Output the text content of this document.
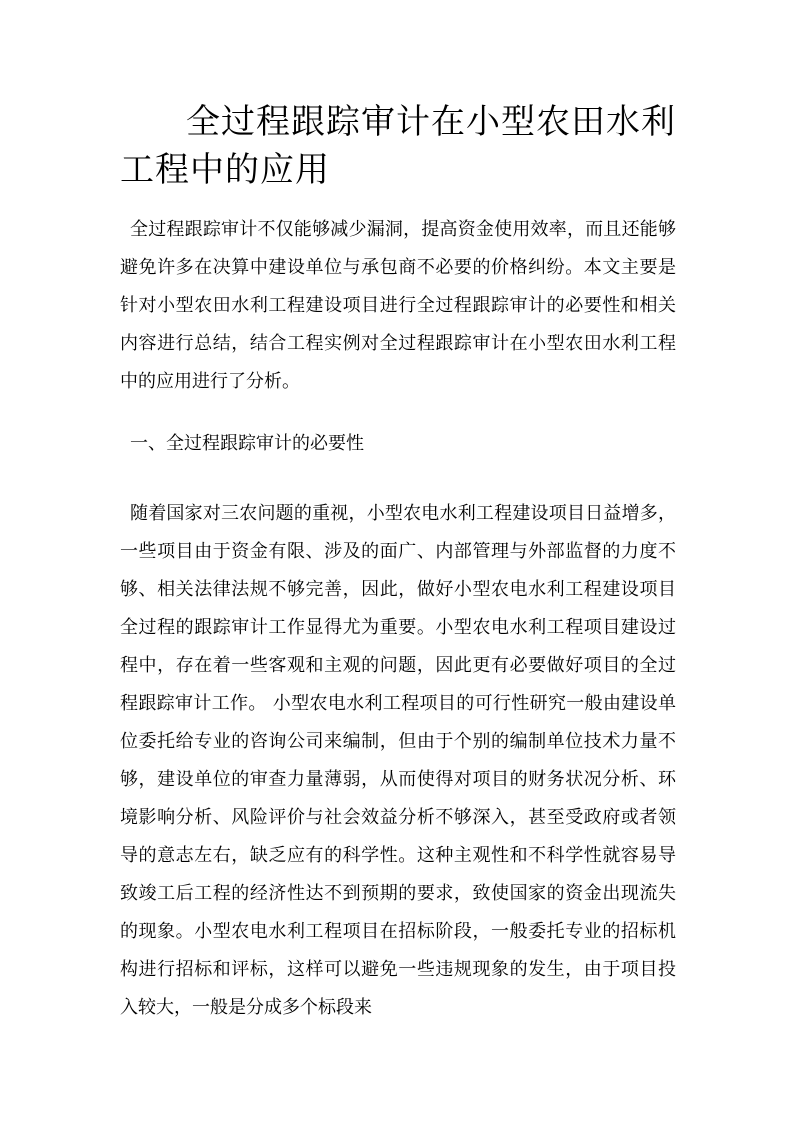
全过程跟踪审计在小型农田水利工程中的应用

全过程跟踪审计不仅能够减少漏洞，提高资金使用效率，而且还能够避免许多在决算中建设单位与承包商不必要的价格纠纷。本文主要是针对小型农田水利工程建设项目进行全过程跟踪审计的必要性和相关内容进行总结，结合工程实例对全过程跟踪审计在小型农田水利工程中的应用进行了分析。

一、全过程跟踪审计的必要性

随着国家对三农问题的重视，小型农电水利工程建设项目日益增多，一些项目由于资金有限、涉及的面广、内部管理与外部监督的力度不够、相关法律法规不够完善，因此，做好小型农电水利工程建设项目全过程的跟踪审计工作显得尤为重要。小型农电水利工程项目建设过程中，存在着一些客观和主观的问题，因此更有必要做好项目的全过程跟踪审计工作。 小型农电水利工程项目的可行性研究一般由建设单位委托给专业的咨询公司来编制，但由于个别的编制单位技术力量不够，建设单位的审查力量薄弱，从而使得对项目的财务状况分析、环境影响分析、风险评价与社会效益分析不够深入，甚至受政府或者领导的意志左右，缺乏应有的科学性。这种主观性和不科学性就容易导致竣工后工程的经济性达不到预期的要求，致使国家的资金出现流失的现象。小型农电水利工程项目在招标阶段，一般委托专业的招标机构进行招标和评标，这样可以避免一些违规现象的发生，由于项目投入较大，一般是分成多个标段来
